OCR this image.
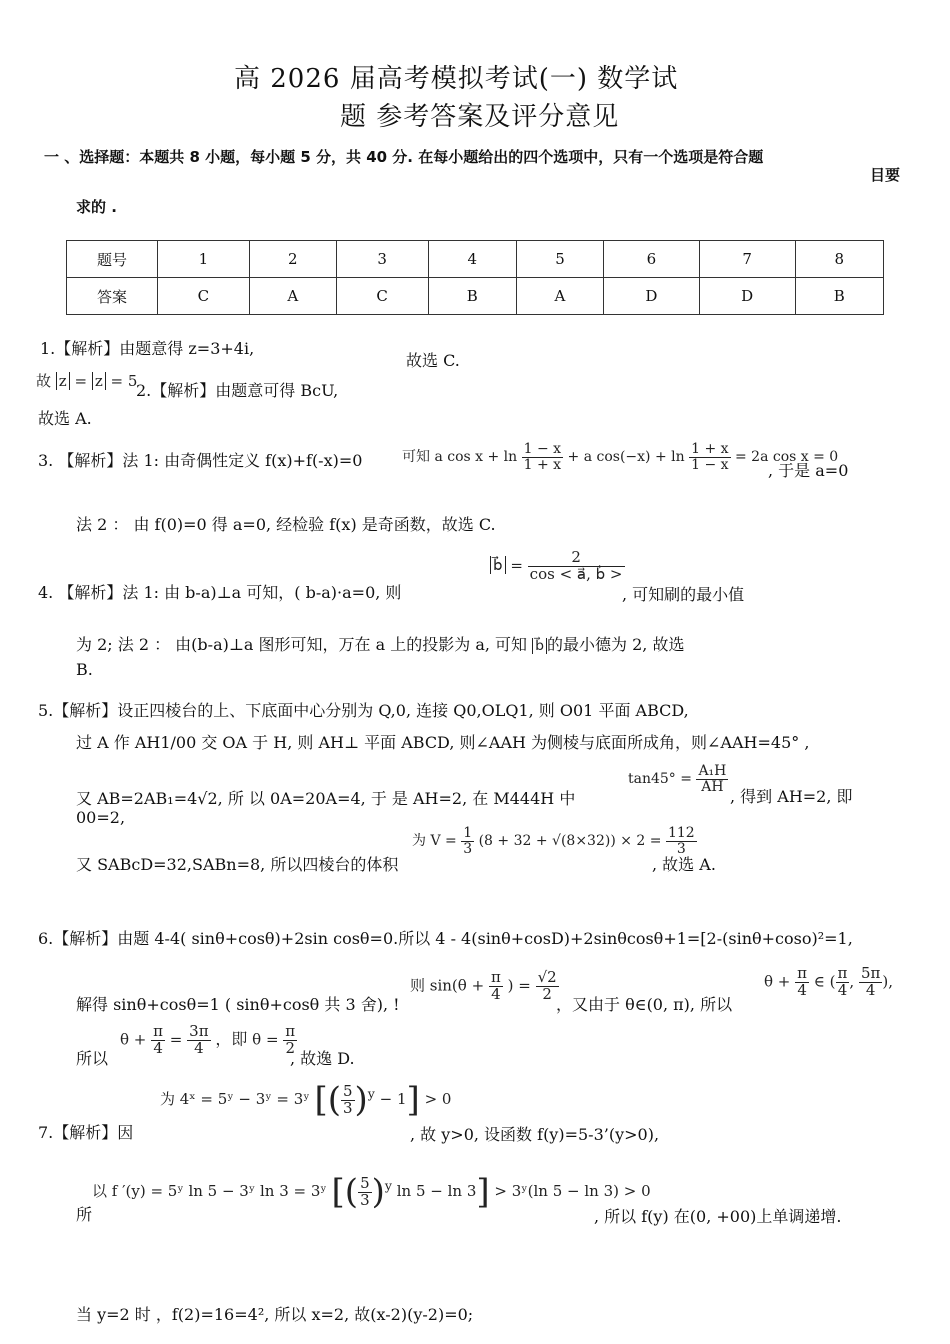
高 2026 届高考模拟考试(一) 数学试
题 参考答案及评分意见
一 、选择题：本题共 8 小题，每小题 5 分，共 40 分. 在每小题给出的四个选项中，只有一个选项是符合题
目要
求的 .
题号	1	2	3	4	5	6	7	8
答案	C	A	C	B	A	D	D	B
1.【解析】由题意得 z=3+4i,
故选 C.
故 z = z = 5
2.【解析】由题意可得 BcU,
故选 A.
3. 【解析】法 1: 由奇偶性定义 f(x)+f(-x)=0	可知 a $\cos x + \ln \frac{1 - x}{1 + x} + a$ $\cos(-x) + \ln \frac{1 + x}{1 - x} = 2a$ cos x = 0
, 于是 a=0
法 2 ： 由 f(0)=0 得 a=0, 经检验 f(x) 是奇函数，故选 C.
4. 【解析】法 1: 由 b-a)⊥a 可知，( b-a)·a=0, 则
b⃗ = $\frac{2}{\cos < a⃗, b⃗ >}$
, 可知刷的最小值
为 2; 法 2 ： 由(b-a)⊥a 图形可知，万在 a 上的投影为 a, 可知 b⃗ 的最小德为 2, 故选
B.
5.【解析】设正四棱台的上、下底面中心分别为 Q,0, 连接 Q0,OLQ1, 则 O01 平面 ABCD,
过 A 作 AH1/00 交 OA 于 H, 则 AH⊥ 平面 ABCD, 则∠AAH 为侧棱与底面所成角，则∠AAH=45° ,
又 AB=2AB₁=4√2, 所 以 0A=20A=4, 于 是 AH=2, 在 M444H 中
$\tan 45^\circ = \frac{\text{A₁H}}{AH}$
, 得到 AH=2, 即
00=2,
又 SABcD=32,SABn=8, 所以四棱台的体积
为 $V = \frac{1}{3} (8 + 32 + √(8\times 32)) \times 2 = \frac{112}{3}$
, 故选 A.
6.【解析】由题 4-4( sinθ+cosθ)+2sin cosθ=0.所以 4 - 4(sinθ+cosD)+2sinθcosθ+1=[2-(sinθ+coso)²=1,
解得 sinθ+cosθ=1 ( sinθ+cosθ 共 3 舍), !
则 $\sin(\theta + \frac{\pi}{4}$ ) = $\frac{√2}{2}$
，又由于 θ∈(0, π), 所以
$\theta + \frac{\pi}{4}$ ∈ ( $\frac{\pi}{4}$ , $\frac{5\pi}{4}$ ),
所以
$\theta + \frac{\pi}{4} = \frac{3\pi}{4}$ ，即 $\theta = \frac{\pi}{2}$
, 故逸 D.
7.【解析】因
为 4ˣ = 5ʸ − 3ʸ = 3ʸ [( $\frac{5}{3} )^y - 1] > 0$
, 故 y>0, 设函数 f(y)=5-3’(y>0),
所
以 f ′(y) = 5ʸ ln 5 − 3ʸ ln 3 = 3ʸ [( $\frac{5}{3} )^y$ ln 5 − ln 3] > 3ʸ(ln 5 − ln 3) > 0
, 所以 f(y) 在(0, +00)上单调递增.
当 y=2 时 ，f(2)=16=4², 所以 x=2, 故(x-2)(y-2)=0;
